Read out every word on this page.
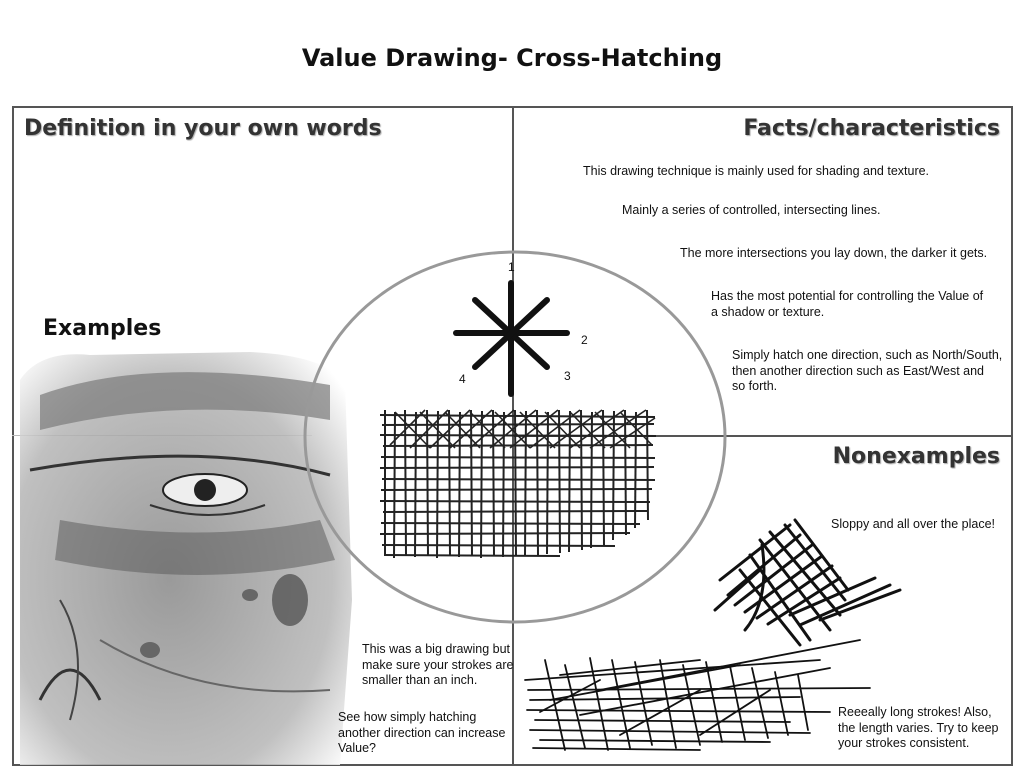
Value Drawing- Cross-Hatching
Definition in your own words	Facts/characteristics
Nonexamples
Examples
This drawing technique is mainly used for shading and texture.
Mainly a series of controlled, intersecting lines.
The more intersections you lay down, the darker it gets.
Has the most potential for controlling the Value of
a shadow or texture.
Simply hatch one direction, such as North/South,
then another direction such as East/West and
so forth.
Sloppy and all over the place!
Reeeally long strokes! Also,
the length varies. Try to keep
your strokes consistent.
This was a big drawing but
make sure your strokes are
smaller than an inch.
See how simply hatching
another direction can increase
Value?
1
2
3
4
